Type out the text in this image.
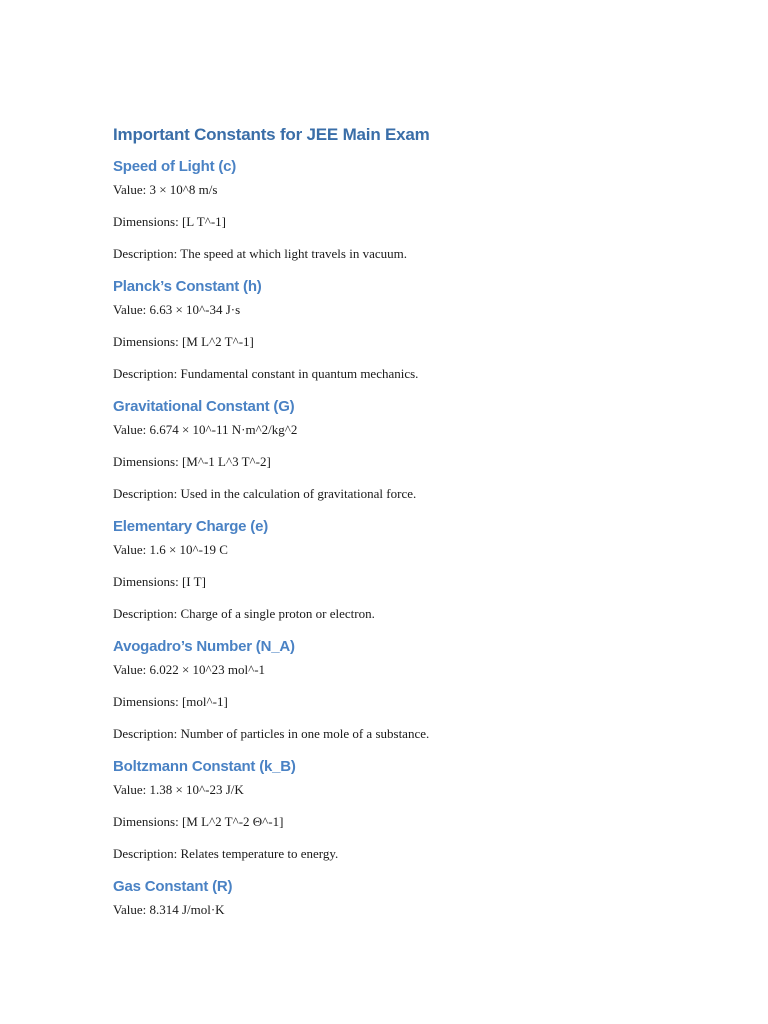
Important Constants for JEE Main Exam
Speed of Light (c)
Value: 3 × 10^8 m/s
Dimensions: [L T^-1]
Description: The speed at which light travels in vacuum.
Planck’s Constant (h)
Value: 6.63 × 10^-34 J·s
Dimensions: [M L^2 T^-1]
Description: Fundamental constant in quantum mechanics.
Gravitational Constant (G)
Value: 6.674 × 10^-11 N·m^2/kg^2
Dimensions: [M^-1 L^3 T^-2]
Description: Used in the calculation of gravitational force.
Elementary Charge (e)
Value: 1.6 × 10^-19 C
Dimensions: [I T]
Description: Charge of a single proton or electron.
Avogadro’s Number (N_A)
Value: 6.022 × 10^23 mol^-1
Dimensions: [mol^-1]
Description: Number of particles in one mole of a substance.
Boltzmann Constant (k_B)
Value: 1.38 × 10^-23 J/K
Dimensions: [M L^2 T^-2 Θ^-1]
Description: Relates temperature to energy.
Gas Constant (R)
Value: 8.314 J/mol·K
